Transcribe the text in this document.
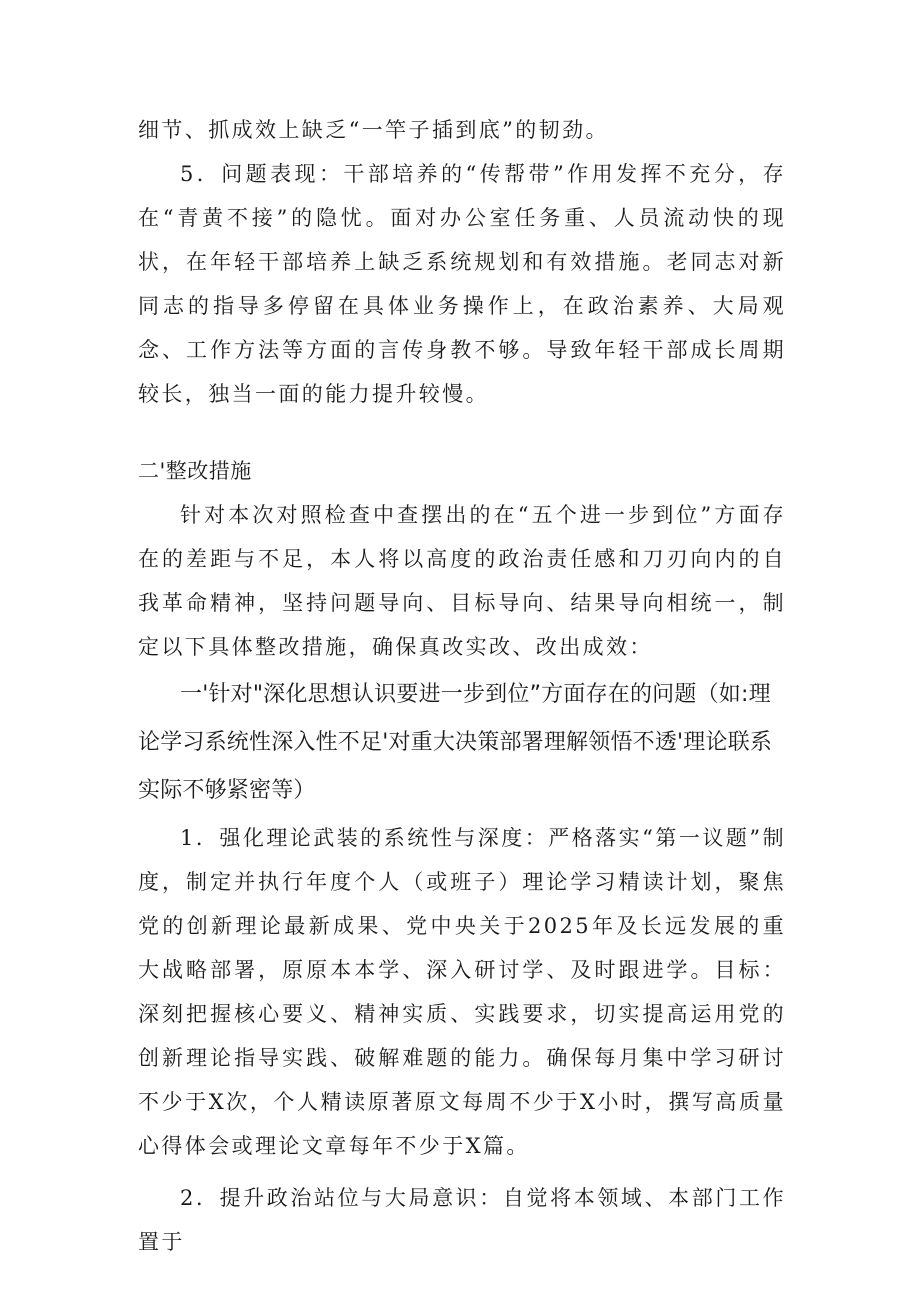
细节、抓成效上缺乏“一竿子插到底”的韧劲。

5．问题表现：干部培养的“传帮带”作用发挥不充分，存在“青黄不接”的隐忧。面对办公室任务重、人员流动快的现状，在年轻干部培养上缺乏系统规划和有效措施。老同志对新同志的指导多停留在具体业务操作上，在政治素养、大局观念、工作方法等方面的言传身教不够。导致年轻干部成长周期较长，独当一面的能力提升较慢。

二'整改措施

针对本次对照检查中查摆出的在“五个进一步到位”方面存在的差距与不足，本人将以高度的政治责任感和刀刃向内的自我革命精神，坚持问题导向、目标导向、结果导向相统一，制定以下具体整改措施，确保真改实改、改出成效：

一'针对"深化思想认识要进一步到位”方面存在的问题（如:理论学习系统性深入性不足'对重大决策部署理解领悟不透'理论联系实际不够紧密等）

1．强化理论武装的系统性与深度：严格落实“第一议题”制度，制定并执行年度个人（或班子）理论学习精读计划，聚焦党的创新理论最新成果、党中央关于2025年及长远发展的重大战略部署，原原本本学、深入研讨学、及时跟进学。目标：深刻把握核心要义、精神实质、实践要求，切实提高运用党的创新理论指导实践、破解难题的能力。确保每月集中学习研讨不少于X次，个人精读原著原文每周不少于X小时，撰写高质量心得体会或理论文章每年不少于X篇。

2．提升政治站位与大局意识：自觉将本领域、本部门工作置于
